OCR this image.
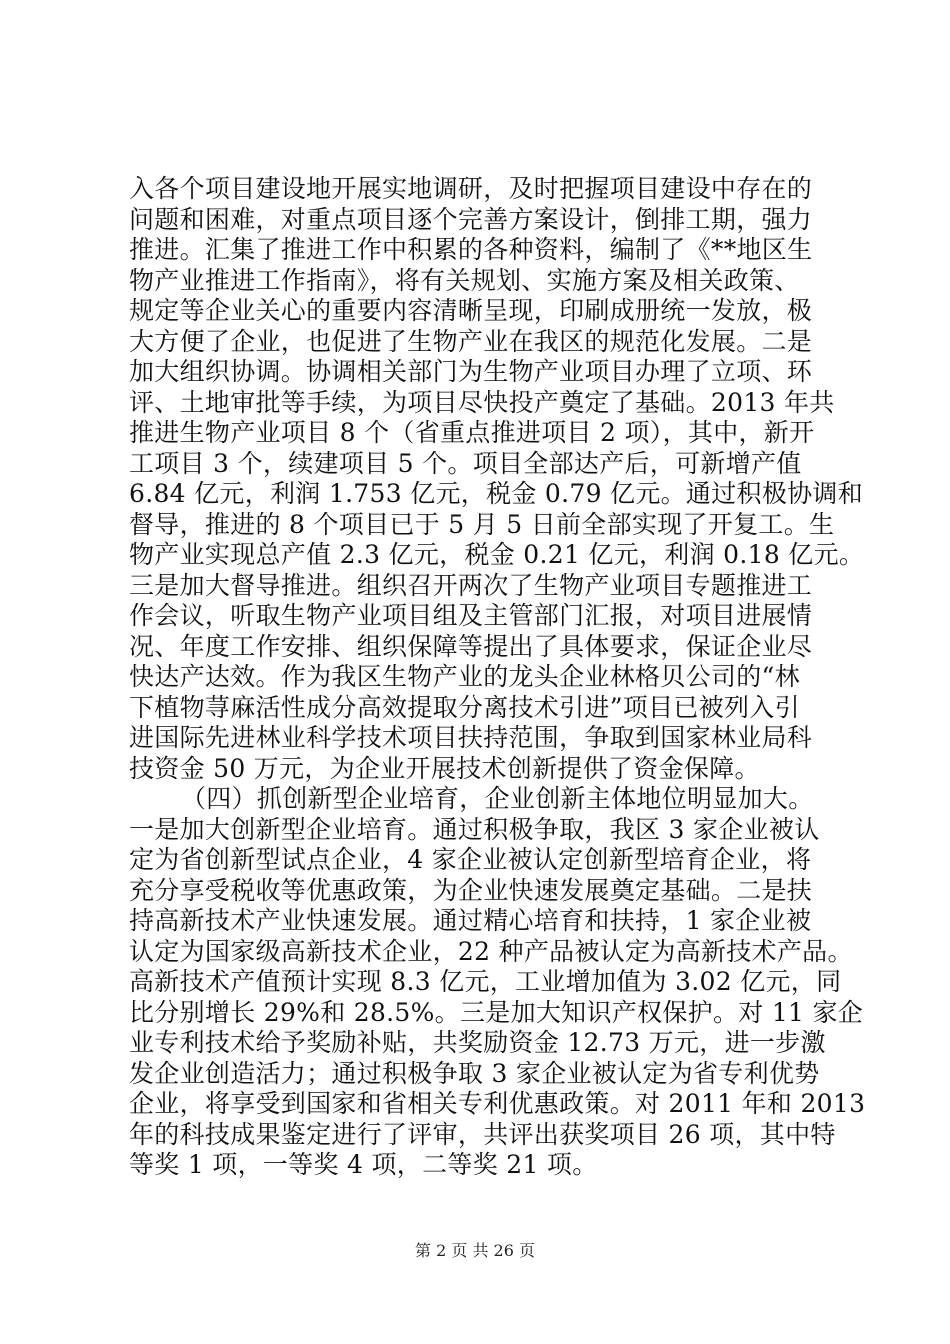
入各个项目建设地开展实地调研，及时把握项目建设中存在的
问题和困难，对重点项目逐个完善方案设计，倒排工期，强力
推进。汇集了推进工作中积累的各种资料，编制了《**地区生
物产业推进工作指南》，将有关规划、实施方案及相关政策、
规定等企业关心的重要内容清晰呈现，印刷成册统一发放，极
大方便了企业，也促进了生物产业在我区的规范化发展。二是
加大组织协调。协调相关部门为生物产业项目办理了立项、环
评、土地审批等手续，为项目尽快投产奠定了基础。2013 年共
推进生物产业项目 8 个（省重点推进项目 2 项），其中，新开
工项目 3 个，续建项目 5 个。项目全部达产后，可新增产值
6.84 亿元，利润 1.753 亿元，税金 0.79 亿元。通过积极协调和
督导，推进的 8 个项目已于 5 月 5 日前全部实现了开复工。生
物产业实现总产值 2.3 亿元，税金 0.21 亿元，利润 0.18 亿元。
三是加大督导推进。组织召开两次了生物产业项目专题推进工
作会议，听取生物产业项目组及主管部门汇报，对项目进展情
况、年度工作安排、组织保障等提出了具体要求，保证企业尽
快达产达效。作为我区生物产业的龙头企业林格贝公司的“林
下植物荨麻活性成分高效提取分离技术引进”项目已被列入引
进国际先进林业科学技术项目扶持范围，争取到国家林业局科
技资金 50 万元，为企业开展技术创新提供了资金保障。
（四）抓创新型企业培育，企业创新主体地位明显加大。
一是加大创新型企业培育。通过积极争取，我区 3 家企业被认
定为省创新型试点企业，4 家企业被认定创新型培育企业，将
充分享受税收等优惠政策，为企业快速发展奠定基础。二是扶
持高新技术产业快速发展。通过精心培育和扶持，1 家企业被
认定为国家级高新技术企业，22 种产品被认定为高新技术产品。
高新技术产值预计实现 8.3 亿元，工业增加值为 3.02 亿元，同
比分别增长 29%和 28.5%。三是加大知识产权保护。对 11 家企
业专利技术给予奖励补贴，共奖励资金 12.73 万元，进一步激
发企业创造活力；通过积极争取 3 家企业被认定为省专利优势
企业，将享受到国家和省相关专利优惠政策。对 2011 年和 2013
年的科技成果鉴定进行了评审，共评出获奖项目 26 项，其中特
等奖 1 项，一等奖 4 项，二等奖 21 项。
第 2 页 共 26 页
